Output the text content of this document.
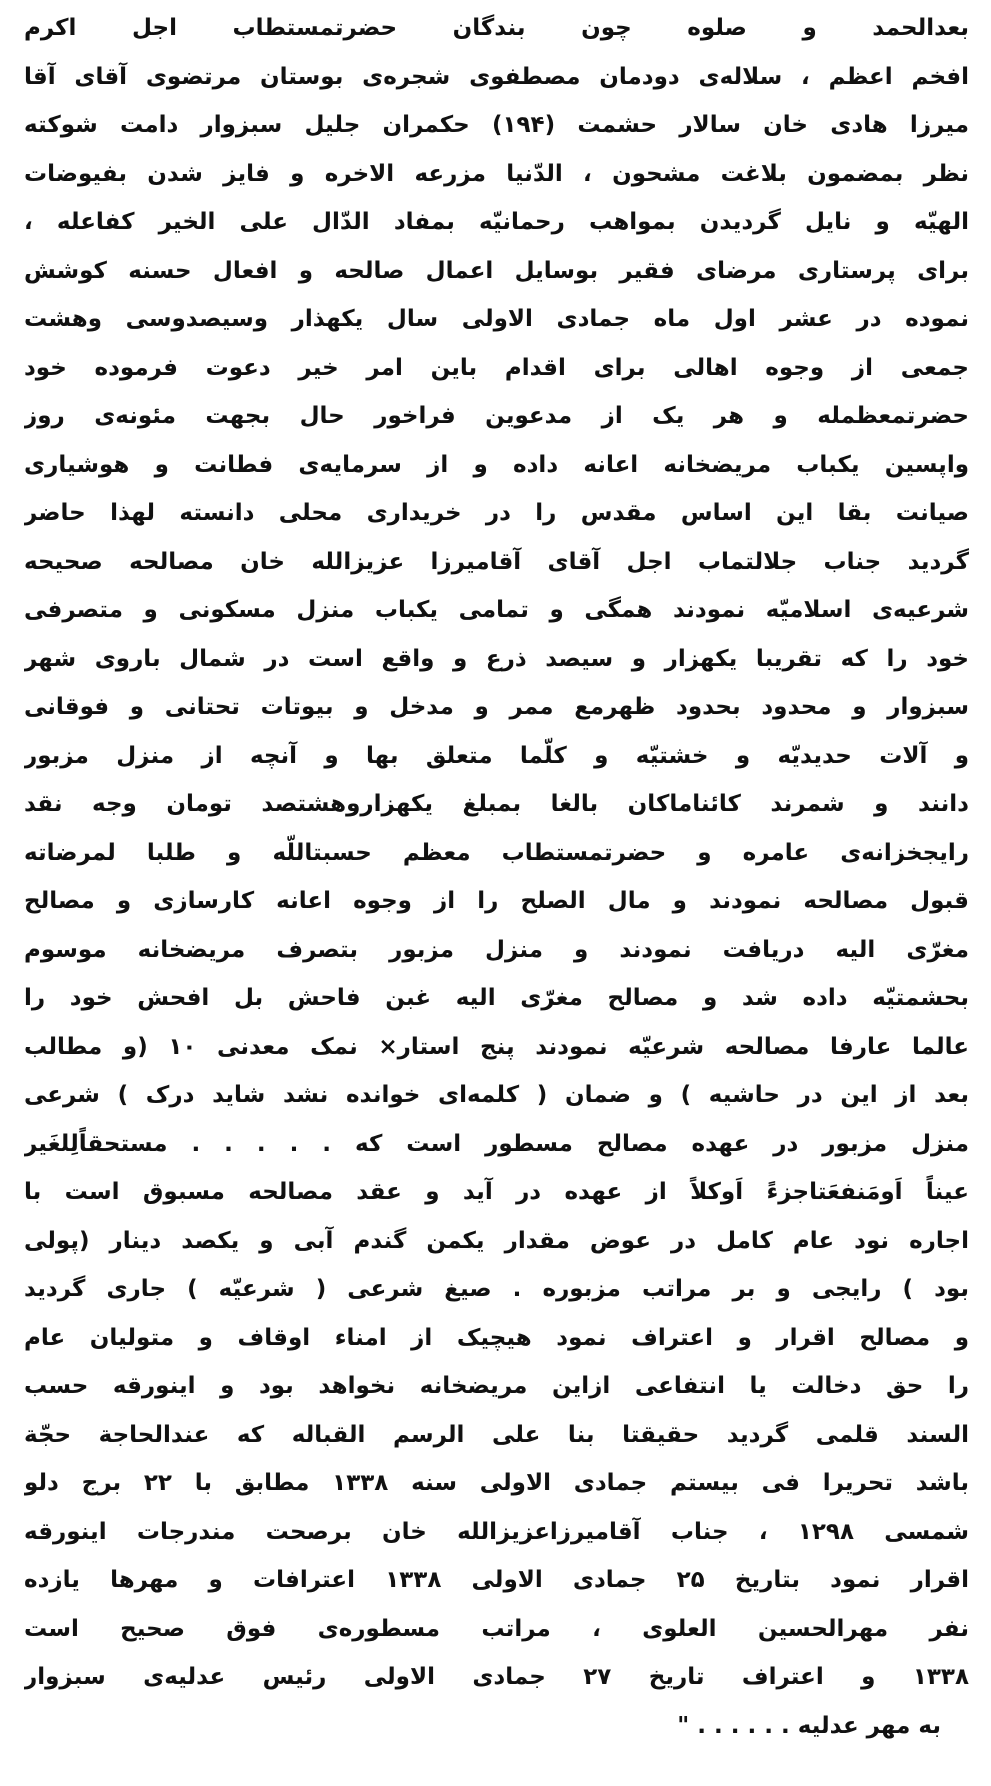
بعدالحمد و صلوه چون بندگان حضرتمستطاب اجل اکرم
افخم اعظم ، سلاله‌ی دودمان مصطفوی شجره‌ی بوستان مرتضوی آقای آقا
میرزا هادی خان سالار حشمت (۱۹۴) حکمران جلیل سبزوار دامت شوکته
نظر بمضمون بلاغت مشحون ، الدّنیا مزرعه الاخره و فایز شدن بفیوضات
الهیّه و نایل گردیدن بمواهب رحمانیّه بمفاد الدّال علی الخیر کفاعله ،
برای پرستاری مرضای فقیر بوسایل اعمال صالحه و افعال حسنه کوشش
نموده در عشر اول ماه جمادی الاولی سال یکهذار وسیصدوسی وهشت
جمعی از وجوه اهالی برای اقدام باین امر خیر دعوت فرموده خود
حضرتمعظمله و هر یک از مدعوین فراخور حال بجهت مئونه‌ی روز
واپسین یکباب مریضخانه اعانه داده و از سرمایه‌ی فطانت و هوشیاری
صیانت بقا این اساس مقدس را در خریداری محلی دانسته لهذا حاضر
گردید جناب جلالتماب اجل آقای آقامیرزا عزیزالله خان مصالحه صحیحه
شرعیه‌ی اسلامیّه نمودند همگی و تمامی یکباب منزل مسکونی و متصرفی
خود را که تقریبا یکهزار و سیصد ذرع و واقع است در شمال باروی شهر
سبزوار و محدود بحدود ظهرمع ممر و مدخل و بیوتات تحتانی و فوقانی
و آلات حدیدیّه و خشتیّه و کلّما متعلق بها و آنچه از منزل مزبور
دانند و شمرند کائناماکان بالغا بمبلغ یکهزاروهشتصد تومان وجه نقد
رایجخزانه‌ی عامره و حضرتمستطاب معظم حسبتاللّه و طلبا لمرضاته
قبول مصالحه نمودند و مال الصلح را از وجوه اعانه کارسازی و مصالح
مغرّی الیه دریافت نمودند و منزل مزبور بتصرف مریضخانه موسوم
بحشمتیّه داده شد و مصالح مغرّی الیه غبن فاحش بل افحش خود را
عالما عارفا مصالحه شرعیّه نمودند پنج استار× نمک معدنی ۱۰ (و مطالب
بعد از این در حاشیه ) و ضمان ( کلمه‌ای خوانده نشد شاید درک ) شرعی
منزل مزبور در عهده مصالح مسطور است که . . . . . مستحقاًلِلغَیر
عیناً اَومَنفعَتاجزءً اَوکلاً از عهده در آید و عقد مصالحه مسبوق است با
اجاره نود عام کامل در عوض مقدار یکمن گندم آبی و یکصد دینار (پولی
بود ) رایجی و بر مراتب مزبوره . صیغ شرعی ( شرعیّه ) جاری گردید
و مصالح اقرار و اعتراف نمود هیچیک از امناء اوقاف و متولیان عام
را حق دخالت یا انتفاعی ازاین مریضخانه نخواهد بود و اینورقه حسب
السند قلمی گردید حقیقتا بنا علی الرسم القباله که عندالحاجة حجّة
باشد تحریرا فی بیستم جمادی الاولی سنه ۱۳۳۸ مطابق با ۲۲ برج دلو
شمسی ۱۲۹۸ ، جناب آقامیرزاعزیزالله خان برصحت مندرجات اینورقه
اقرار نمود بتاریخ ۲۵ جمادی الاولی ۱۳۳۸ اعترافات و مهرها یازده
نفر مهرالحسین العلوی ، مراتب مسطوره‌ی فوق صحیح است
۱۳۳۸ و اعتراف تاریخ ۲۷ جمادی الاولی رئیس عدلیه‌ی سبزوار
به مهر عدلیه . . . . . . "
